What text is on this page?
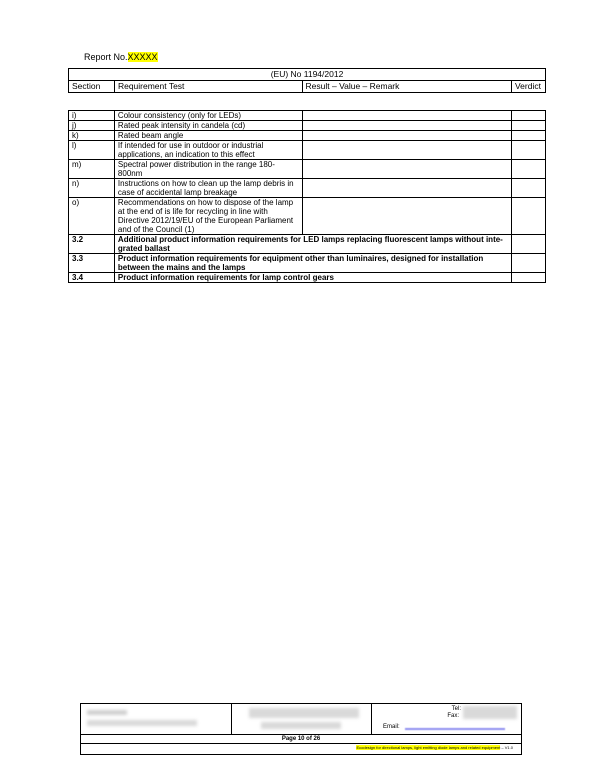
Report No.XXXXX
(EU) No 1194/2012
Section	Requirement Test	Result – Value – Remark	Verdict
i)	Colour consistency (only for LEDs)		
j)	Rated peak intensity in candela (cd)		
k)	Rated beam angle		
l)	If intended for use in outdoor or industrial applications, an indication to this effect		
m)	Spectral power distribution in the range 180-800nm		
n)	Instructions on how to clean up the lamp debris in case of accidental lamp breakage		
o)	Recommendations on how to dispose of the lamp at the end of is life for recycling in line with Directive 2012/19/EU of the European Parliament and of the Council (1)		
3.2	Additional product information requirements for LED lamps replacing fluorescent lamps without inte-grated ballast		
3.3	Product information requirements for equipment other than luminaires, designed for installation between the mains and the lamps		
3.4	Product information requirements for lamp control gears		
Tel:
Fax:
Email:
Page 10 of 26
Ecodesign for directional lamps, light emitting diode lamps and related equipment – V1.0
